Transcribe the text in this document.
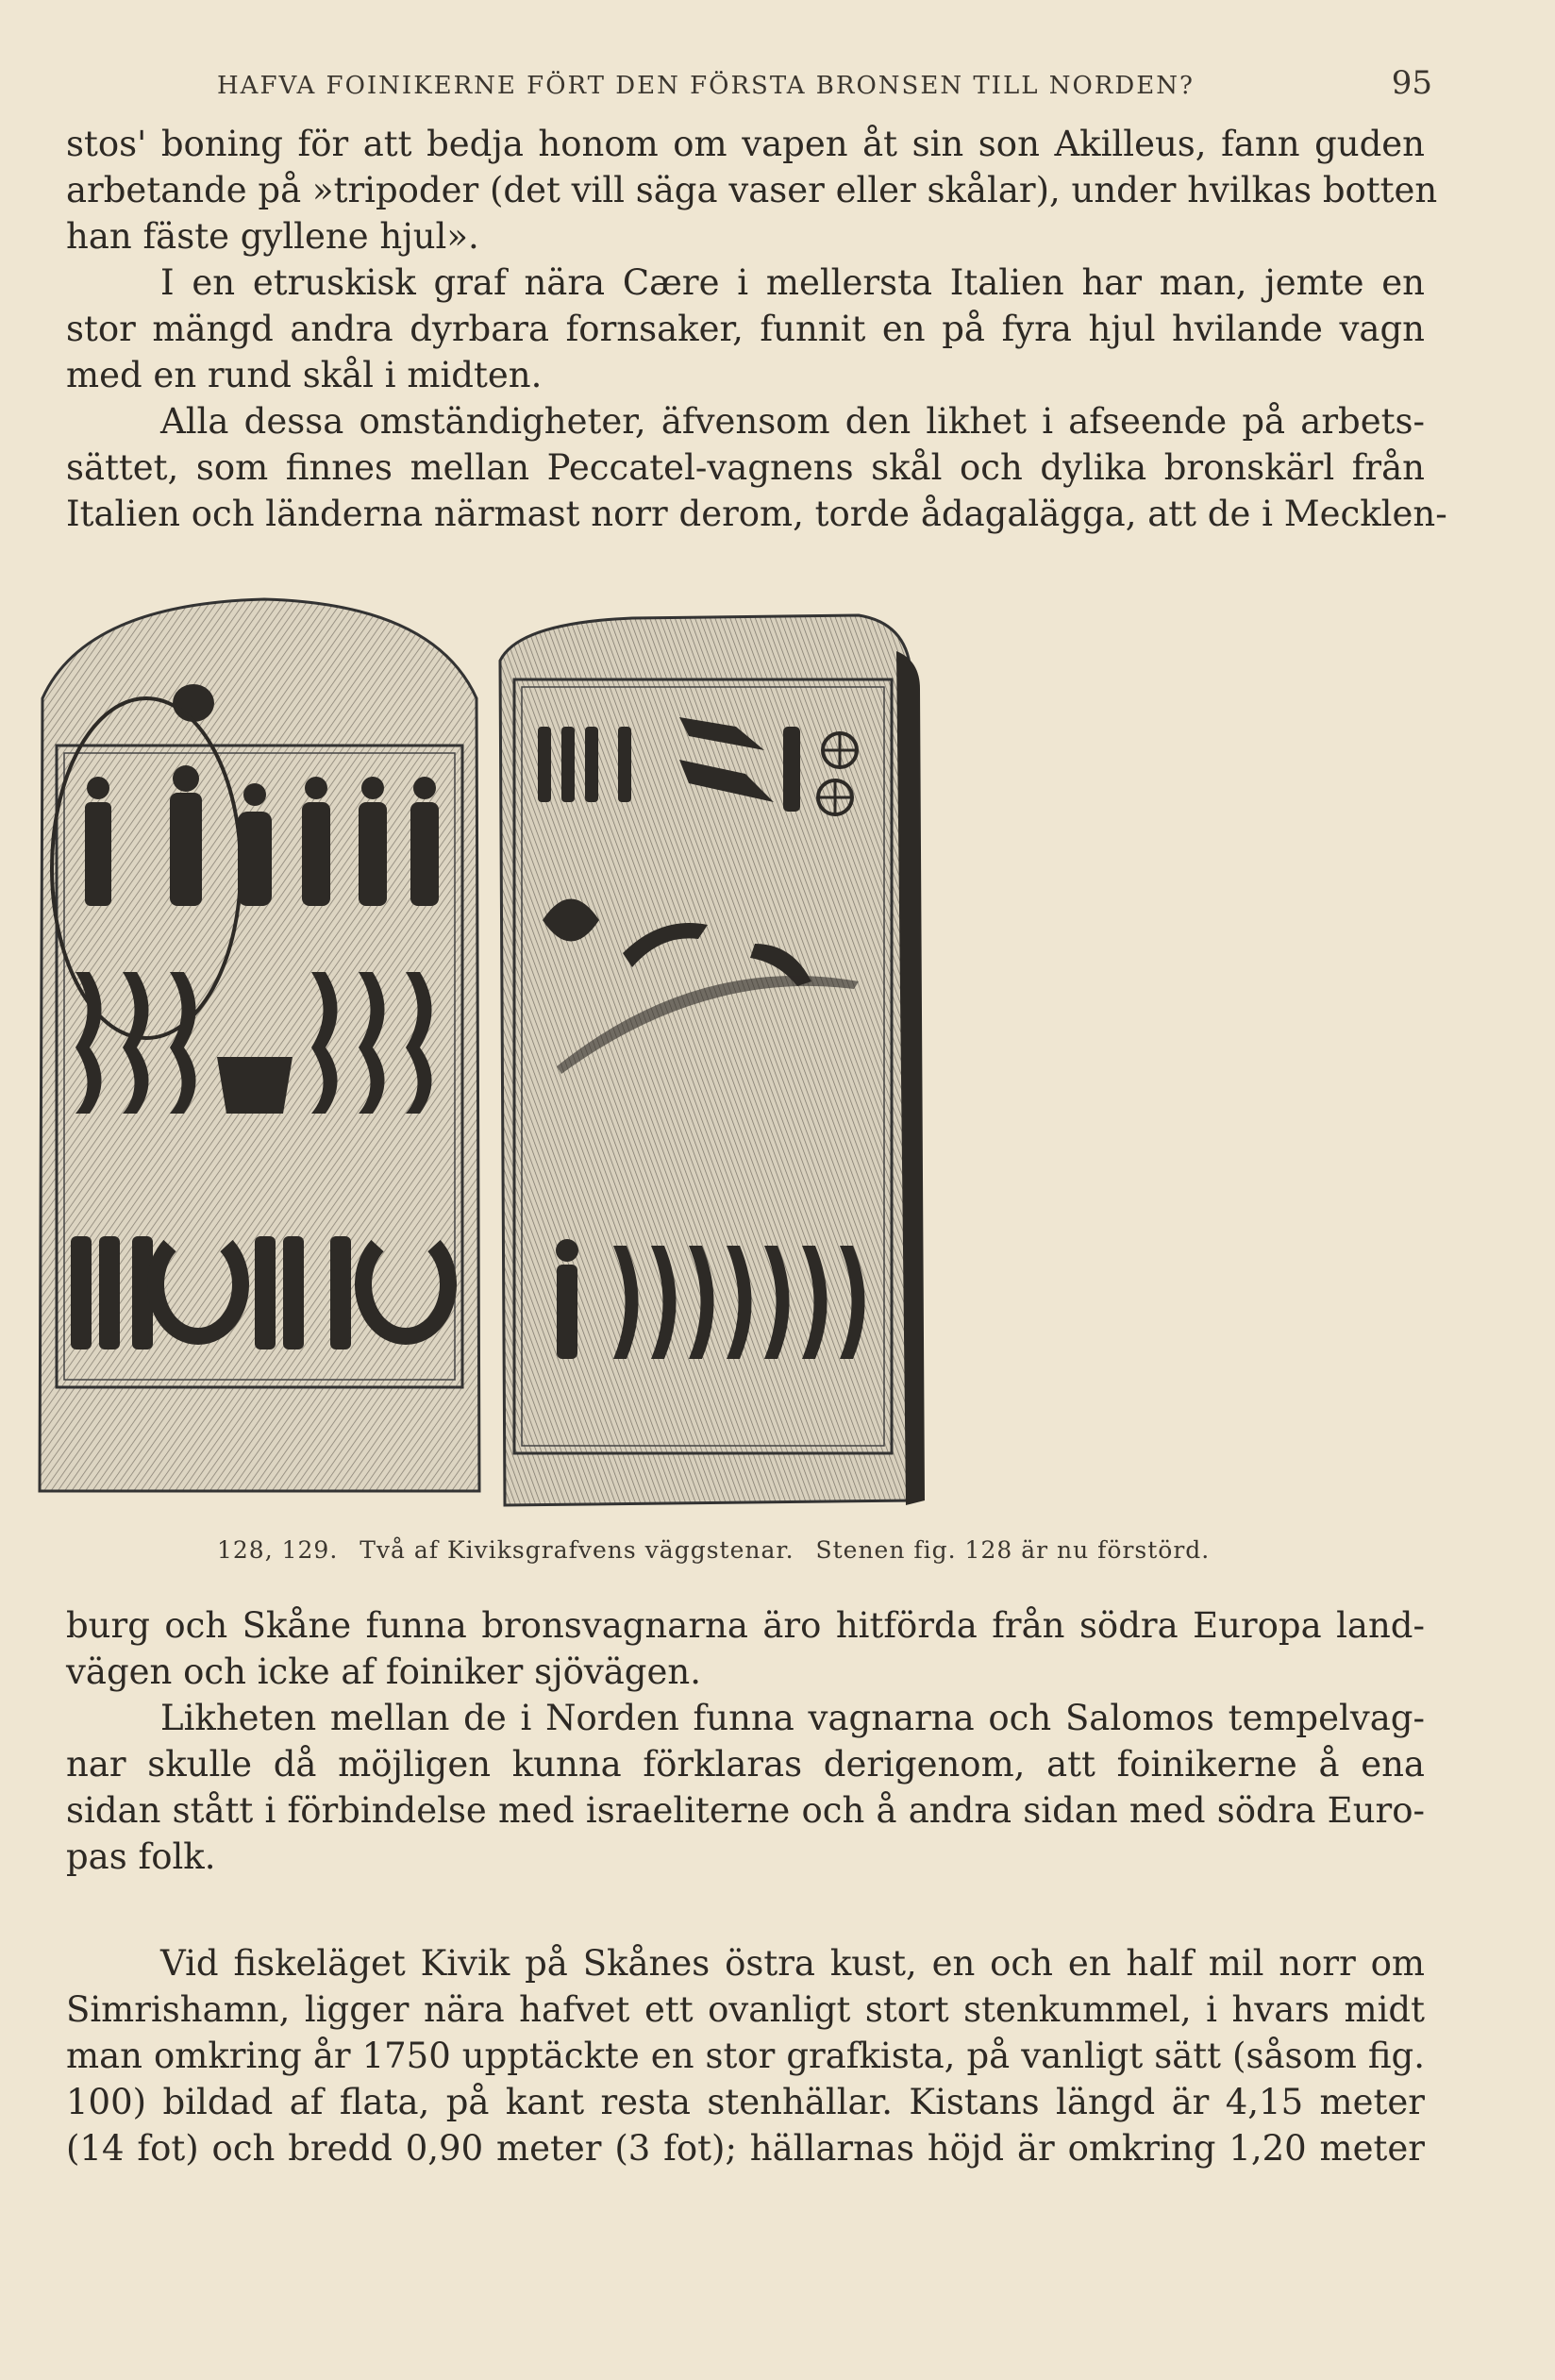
HAFVA FOINIKERNE FÖRT DEN FÖRSTA BRONSEN TILL NORDEN?	95

stos' boning för att bedja honom om vapen åt sin son Akilleus, fann guden
arbetande på »tripoder (det vill säga vaser eller skålar), under hvilkas botten
han fäste gyllene hjul».

I en etruskisk graf nära Cære i mellersta Italien har man, jemte en
stor mängd andra dyrbara fornsaker, funnit en på fyra hjul hvilande vagn
med en rund skål i midten.

Alla dessa omständigheter, äfvensom den likhet i afseende på arbets-
sättet, som finnes mellan Peccatel-vagnens skål och dylika bronskärl från
Italien och länderna närmast norr derom, torde ådagalägga, att de i Mecklen-

128, 129. Två af Kiviksgrafvens väggstenar. Stenen fig. 128 är nu förstörd.

burg och Skåne funna bronsvagnarna äro hitförda från södra Europa land-
vägen och icke af foiniker sjövägen.

Likheten mellan de i Norden funna vagnarna och Salomos tempelvag-
nar skulle då möjligen kunna förklaras derigenom, att foinikerne å ena
sidan stått i förbindelse med israeliterne och å andra sidan med södra Euro-
pas folk.

Vid fiskeläget Kivik på Skånes östra kust, en och en half mil norr om
Simrishamn, ligger nära hafvet ett ovanligt stort stenkummel, i hvars midt
man omkring år 1750 upptäckte en stor grafkista, på vanligt sätt (såsom fig.
100) bildad af flata, på kant resta stenhällar. Kistans längd är 4,15 meter
(14 fot) och bredd 0,90 meter (3 fot); hällarnas höjd är omkring 1,20 meter
